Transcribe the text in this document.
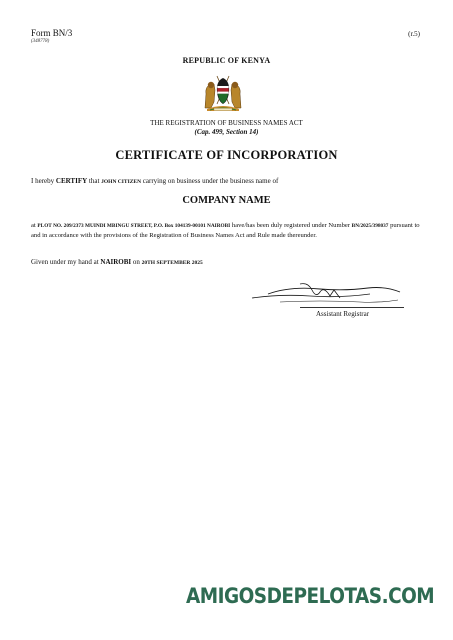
Form BN/3
(348778)
(r.5)
REPUBLIC OF KENYA
THE REGISTRATION OF BUSINESS NAMES ACT
(Cap. 499, Section 14)
CERTIFICATE OF INCORPORATION
I hereby CERTIFY that JOHN CITIZEN carrying on business under the business name of
COMPANY NAME
at PLOT NO. 209/2373 MUINDI MBINGU STREET, P.O. Box 104139-00101 NAIROBI have/has been duly registered under Number BN/2025/398037 pursuant to and in accordance with the provisions of the Registration of Business Names Act and Rule made thereunder.
Given under my hand at NAIROBI on 20TH SEPTEMBER 2025
Assistant Registrar
AMIGOSDEPELOTAS.COM
